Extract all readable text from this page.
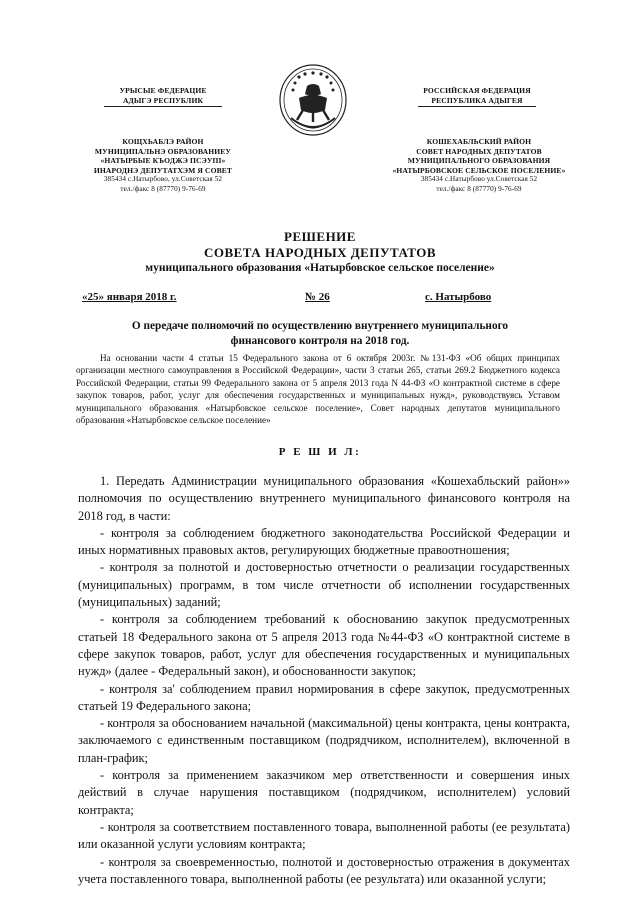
УРЫСЫЕ ФЕДЕРАЦИЕ
АДЫГЭ РЕСПУБЛИК
РОССИЙСКАЯ ФЕДЕРАЦИЯ
РЕСПУБЛИКА АДЫГЕЯ
КОЩХЬАБЛЭ РАЙОН
МУНИЦИПАЛЬНЭ ОБРАЗОВАНИЕУ
«НАТЫРБЫЕ КЪОДЖЭ ПСЭУПI»
ИНАРОДНЭ ДЕПУТАТХЭМ Я СОВЕТ
385434 с.Натырбово, ул.Советская 52
тел./факс 8 (87770) 9-76-69
КОШЕХАБЛЬСКИЙ РАЙОН
СОВЕТ НАРОДНЫХ ДЕПУТАТОВ
МУНИЦИПАЛЬНОГО ОБРАЗОВАНИЯ
«НАТЫРБОВСКОЕ СЕЛЬСКОЕ ПОСЕЛЕНИЕ»
385434 с.Натырбово ул.Советская 52
тел./факс 8 (87770) 9-76-69
РЕШЕНИЕ
СОВЕТА НАРОДНЫХ ДЕПУТАТОВ
муниципального образования «Натырбовское сельское поселение»
«25» января 2018 г.	№ 26	с. Натырбово
О передаче полномочий по осуществлению внутреннего муниципального
финансового контроля на 2018 год.

На основании части 4 статьи 15 Федерального закона от 6 октября 2003г. №131-ФЗ «Об общих принципах организации местного самоуправления в Российской Федерации», части 3 статьи 265, статьи 269.2 Бюджетного кодекса Российской Федерации, статьи 99 Федерального закона от 5 апреля 2013 года N 44-ФЗ «О контрактной системе в сфере закупок товаров, работ, услуг для обеспечения государственных и муниципальных нужд», руководствуясь Уставом муниципального образования «Натырбовское сельское поселение», Совет народных депутатов муниципального образования «Натырбовское сельское поселение»

Р Е Ш И Л:

1. Передать Администрации муниципального образования «Кошехабльский район»» полномочия по осуществлению внутреннего муниципального финансового контроля на 2018 год, в части:

- контроля за соблюдением бюджетного законодательства Российской Федерации и иных нормативных правовых актов, регулирующих бюджетные правоотношения;

- контроля за полнотой и достоверностью отчетности о реализации государственных (муниципальных) программ, в том числе отчетности об исполнении государственных (муниципальных) заданий;

- контроля за соблюдением требований к обоснованию закупок предусмотренных статьей 18 Федерального закона от 5 апреля 2013 года №44-ФЗ «О контрактной системе в сфере закупок товаров, работ, услуг для обеспечения государственных и муниципальных нужд» (далее - Федеральный закон), и обоснованности закупок;

- контроля за' соблюдением правил нормирования в сфере закупок, предусмотренных статьей 19 Федерального закона;

- контроля за обоснованием начальной (максимальной) цены контракта, цены контракта, заключаемого с единственным поставщиком (подрядчиком, исполнителем), включенной в план-график;

- контроля за применением заказчиком мер ответственности и совершения иных действий в случае нарушения поставщиком (подрядчиком, исполнителем) условий контракта;

- контроля за соответствием поставленного товара, выполненной работы (ее результата) или оказанной услуги условиям контракта;

- контроля за своевременностью, полнотой и достоверностью отражения в документах учета поставленного товара, выполненной работы (ее результата) или оказанной услуги;
